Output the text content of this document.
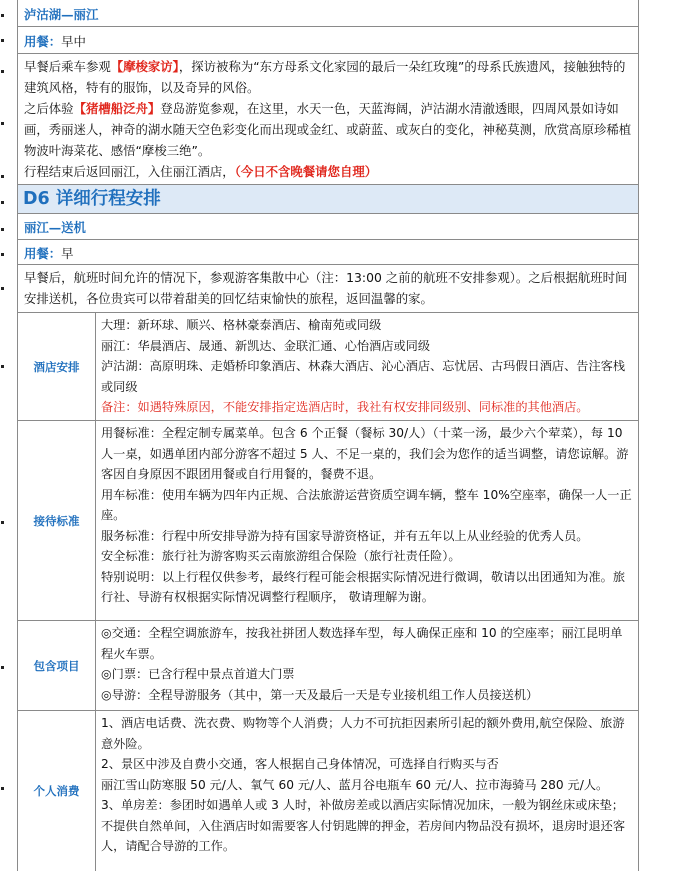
泸沽湖—丽江
用餐：早中

早餐后乘车参观【摩梭家访】，探访被称为“东方母系文化家园的最后一朵红玫瑰”的母系氏族遗风，接触独特的建筑风格，特有的服饰，以及奇异的风俗。

之后体验【猪槽船泛舟】登岛游览参观，在这里，水天一色，天蓝海阔，泸沽湖水清澈透眼，四周风景如诗如画，秀丽迷人，神奇的湖水随天空色彩变化而出现或金红、或蔚蓝、或灰白的变化，神秘莫测，欣赏高原珍稀植物波叶海菜花、感悟“摩梭三绝”。

行程结束后返回丽江，入住丽江酒店，（今日不含晚餐请您自理）

D6 详细行程安排
丽江—送机
用餐：早
早餐后，航班时间允许的情况下，参观游客集散中心（注：13:00 之前的航班不安排参观）。之后根据航班时间安排送机，各位贵宾可以带着甜美的回忆结束愉快的旅程，返回温馨的家。
酒店安排

大理：新环球、顺兴、格林豪泰酒店、榆南苑或同级

丽江：华晨酒店、晟通、新凯达、金联汇通、心怡酒店或同级

泸沽湖：高原明珠、走婚桥印象酒店、林森大酒店、沁心酒店、忘忧居、古玛假日酒店、告注客栈或同级

备注：如遇特殊原因，不能安排指定选酒店时，我社有权安排同级别、同标准的其他酒店。

接待标准

用餐标准：全程定制专属菜单。包含 6 个正餐（餐标 30/人）（十菜一汤，最少六个荤菜），每 10 人一桌，如遇单团内部分游客不超过 5 人、不足一桌的，我们会为您作的适当调整，请您谅解。游客因自身原因不跟团用餐或自行用餐的，餐费不退。

用车标准：使用车辆为四年内正规、合法旅游运营资质空调车辆，整车 10%空座率，确保一人一正座。

服务标准：行程中所安排导游为持有国家导游资格证，并有五年以上从业经验的优秀人员。

安全标准：旅行社为游客购买云南旅游组合保险（旅行社责任险）。

特别说明：以上行程仅供参考，最终行程可能会根据实际情况进行微调，敬请以出团通知为准。旅行社、导游有权根据实际情况调整行程顺序， 敬请理解为谢。

包含项目

◎交通：全程空调旅游车，按我社拼团人数选择车型，每人确保正座和 10 的空座率；丽江昆明单程火车票。

◎门票：已含行程中景点首道大门票

◎导游：全程导游服务（其中，第一天及最后一天是专业接机组工作人员接送机）

个人消费

1、酒店电话费、洗衣费、购物等个人消费；人力不可抗拒因素所引起的额外费用,航空保险、旅游意外险。

2、景区中涉及自费小交通，客人根据自己身体情况，可选择自行购买与否

丽江雪山防寒服 50 元/人、氧气 60 元/人、蓝月谷电瓶车 60 元/人、拉市海骑马 280 元/人。

3、单房差：参团时如遇单人或 3 人时，补做房差或以酒店实际情况加床，一般为钢丝床或床垫；不提供自然单间，入住酒店时如需要客人付钥匙牌的押金，若房间内物品没有损坏，退房时退还客人，请配合导游的工作。
